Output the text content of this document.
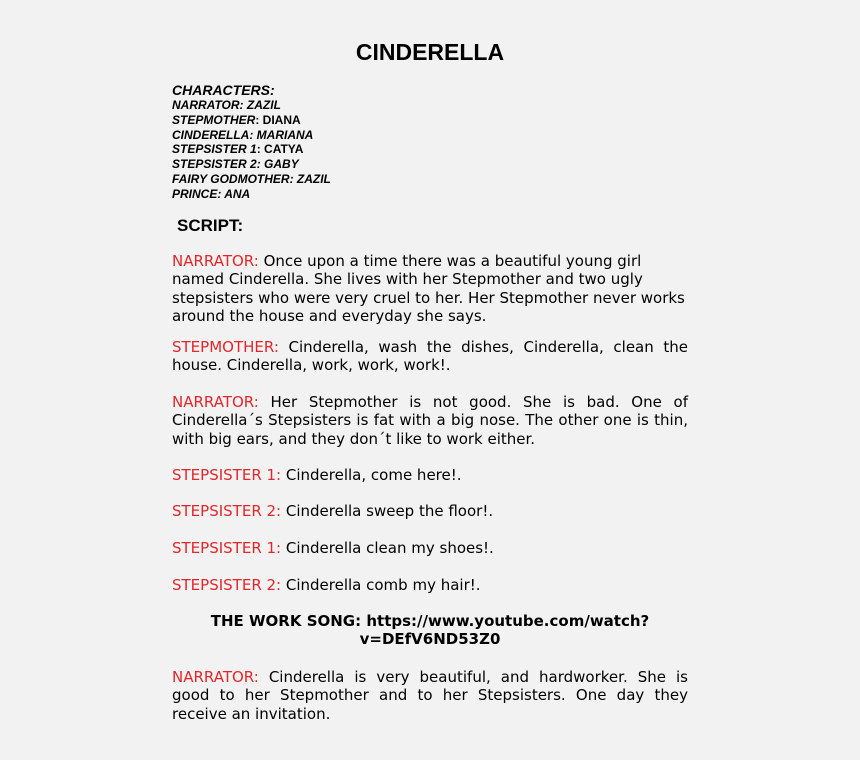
CINDERELLA

CHARACTERS:

NARRATOR: ZAZIL

STEPMOTHER: DIANA

CINDERELLA: MARIANA

STEPSISTER 1: CATYA

STEPSISTER 2: GABY

FAIRY GODMOTHER: ZAZIL

PRINCE: ANA

SCRIPT:

NARRATOR: Once upon a time there was a beautiful young girl named Cinderella. She lives with her Stepmother and two ugly stepsisters who were very cruel to her. Her Stepmother never works around the house and everyday she says.

STEPMOTHER: Cinderella, wash the dishes, Cinderella, clean the house. Cinderella, work, work, work!.

NARRATOR: Her Stepmother is not good. She is bad. One of Cinderella´s Stepsisters is fat with a big nose. The other one is thin, with big ears, and they don´t like to work either.

STEPSISTER 1: Cinderella, come here!.

STEPSISTER 2: Cinderella sweep the floor!.

STEPSISTER 1: Cinderella clean my shoes!.

STEPSISTER 2: Cinderella comb my hair!.

THE WORK SONG: https://www.youtube.com/watch?
v=DEfV6ND53Z0

NARRATOR: Cinderella is very beautiful, and hardworker. She is good to her Stepmother and to her Stepsisters. One day they receive an invitation.
